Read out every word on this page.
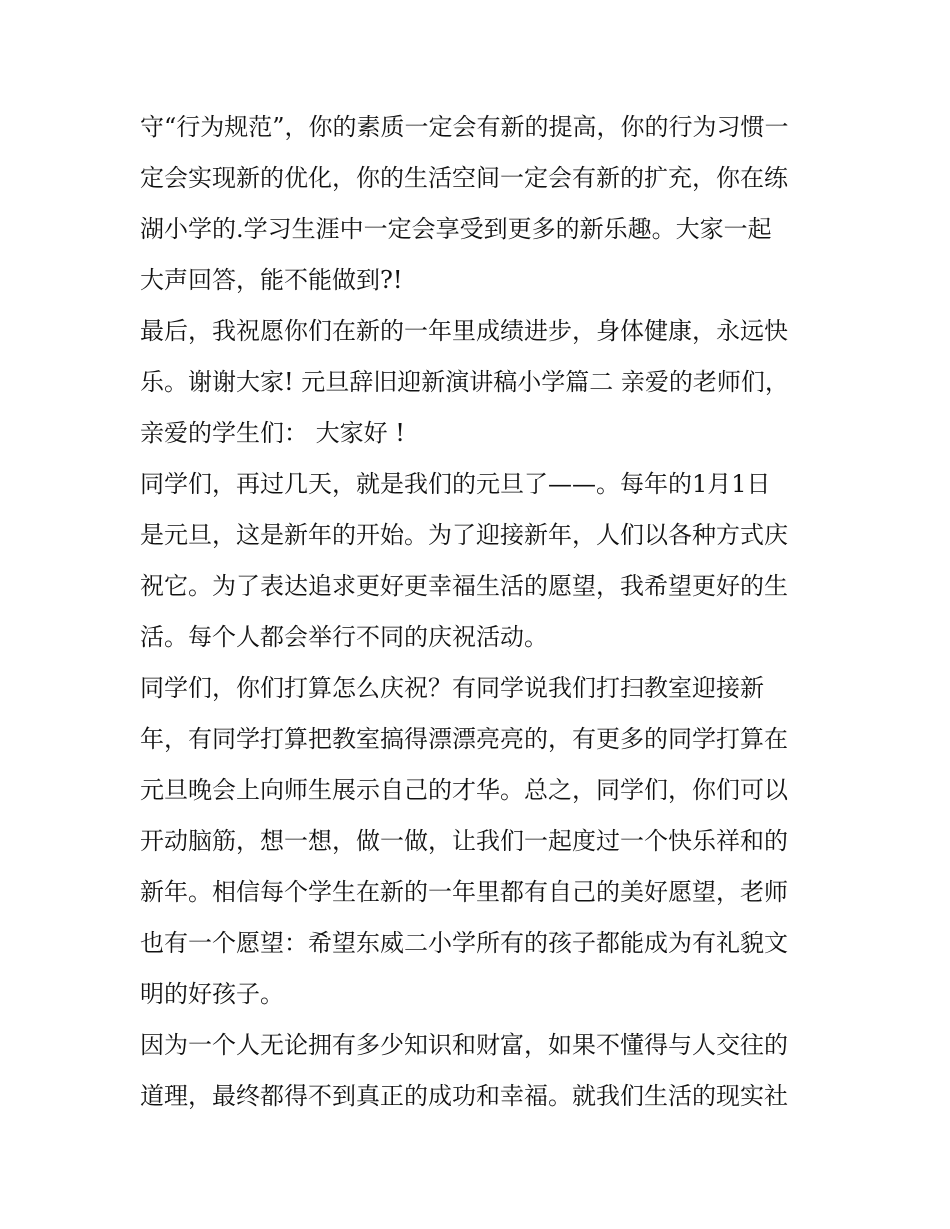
守“行为规范”，你的素质一定会有新的提高，你的行为习惯一
定会实现新的优化，你的生活空间一定会有新的扩充，你在练
湖小学的.学习生涯中一定会享受到更多的新乐趣。大家一起
大声回答，能不能做到?!
最后，我祝愿你们在新的一年里成绩进步，身体健康，永远快
乐。谢谢大家! 元旦辞旧迎新演讲稿小学篇二 亲爱的老师们，
亲爱的学生们： 大家好 !
同学们，再过几天，就是我们的元旦了——。每年的1月1日
是元旦，这是新年的开始。为了迎接新年，人们以各种方式庆
祝它。为了表达追求更好更幸福生活的愿望，我希望更好的生
活。每个人都会举行不同的庆祝活动。
同学们，你们打算怎么庆祝？有同学说我们打扫教室迎接新
年，有同学打算把教室搞得漂漂亮亮的，有更多的同学打算在
元旦晚会上向师生展示自己的才华。总之，同学们，你们可以
开动脑筋，想一想，做一做，让我们一起度过一个快乐祥和的
新年。相信每个学生在新的一年里都有自己的美好愿望，老师
也有一个愿望：希望东威二小学所有的孩子都能成为有礼貌文
明的好孩子。
因为一个人无论拥有多少知识和财富，如果不懂得与人交往的
道理，最终都得不到真正的成功和幸福。就我们生活的现实社
